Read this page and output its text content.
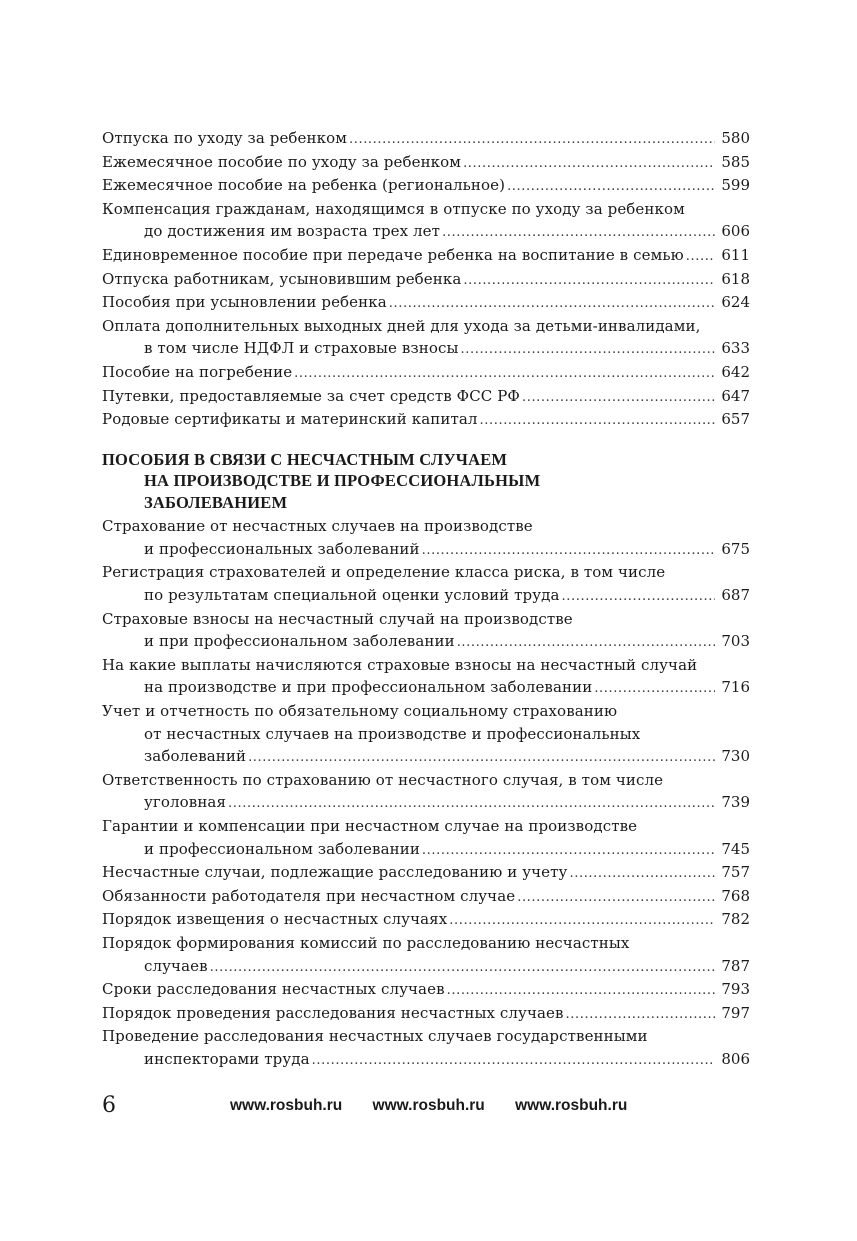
Отпуска по уходу за ребенком .....	580
Ежемесячное пособие по уходу за ребенком .....	585
Ежемесячное пособие на ребенка (региональное) .....	599
Компенсация гражданам, находящимся в отпуске по уходу за ребенком
до достижения им возраста трех лет .....	606
Единовременное пособие при передаче ребенка на воспитание в семью .....	611
Отпуска работникам, усыновившим ребенка .....	618
Пособия при усыновлении ребенка .....	624
Оплата дополнительных выходных дней для ухода за детьми-инвалидами,
в том числе НДФЛ и страховые взносы .....	633
Пособие на погребение .....	642
Путевки, предоставляемые за счет средств ФСС РФ .....	647
Родовые сертификаты и материнский капитал .....	657
ПОСОБИЯ В СВЯЗИ С НЕСЧАСТНЫМ СЛУЧАЕМ
НА ПРОИЗВОДСТВЕ И ПРОФЕССИОНАЛЬНЫМ
ЗАБОЛЕВАНИЕМ
Страхование от несчастных случаев на производстве
и профессиональных заболеваний .....	675
Регистрация страхователей и определение класса риска, в том числе
по результатам специальной оценки условий труда .....	687
Страховые взносы на несчастный случай на производстве
и при профессиональном заболевании .....	703
На какие выплаты начисляются страховые взносы на несчастный случай
на производстве и при профессиональном заболевании .....	716
Учет и отчетность по обязательному социальному страхованию
от несчастных случаев на производстве и профессиональных
заболеваний .....	730
Ответственность по страхованию от несчастного случая, в том числе
уголовная .....	739
Гарантии и компенсации при несчастном случае на производстве
и профессиональном заболевании .....	745
Несчастные случаи, подлежащие расследованию и учету .....	757
Обязанности работодателя при несчастном случае .....	768
Порядок извещения о несчастных случаях .....	782
Порядок формирования комиссий по расследованию несчастных
случаев .....	787
Сроки расследования несчастных случаев .....	793
Порядок проведения расследования несчастных случаев .....	797
Проведение расследования несчастных случаев государственными
инспекторами труда .....	806
6	www.rosbuh.ru www.rosbuh.ru www.rosbuh.ru
